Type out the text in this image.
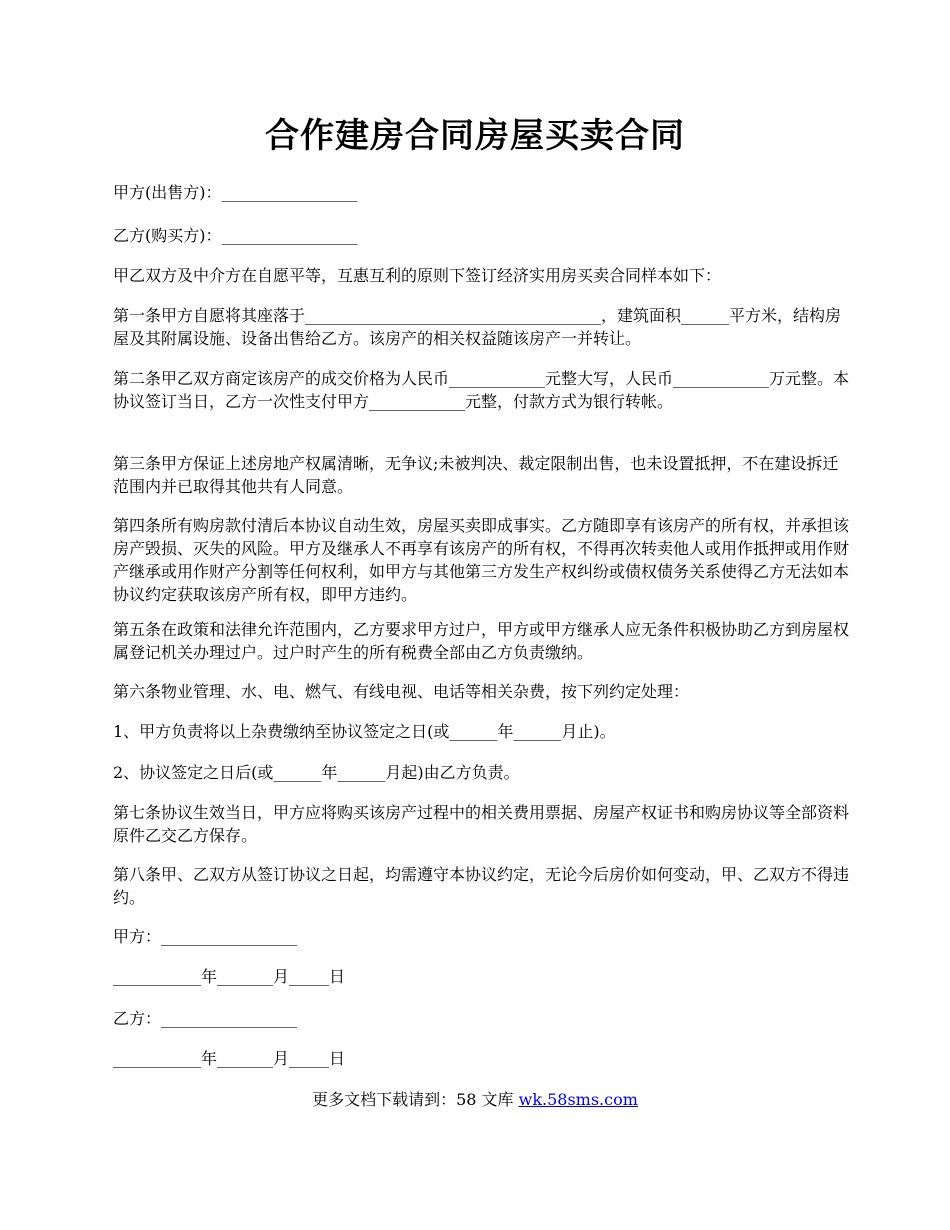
合作建房合同房屋买卖合同

甲方(出售方)：_________________

乙方(购买方)：_________________

甲乙双方及中介方在自愿平等，互惠互利的原则下签订经济实用房买卖合同样本如下：

第一条甲方自愿将其座落于_____________________________________，建筑面积______平方米，结构房屋及其附属设施、设备出售给乙方。该房产的相关权益随该房产一并转让。

第二条甲乙双方商定该房产的成交价格为人民币____________元整大写，人民币____________万元整。本协议签订当日，乙方一次性支付甲方____________元整，付款方式为银行转帐。

第三条甲方保证上述房地产权属清晰，无争议;未被判决、裁定限制出售，也未设置抵押，不在建设拆迁范围内并已取得其他共有人同意。

第四条所有购房款付清后本协议自动生效，房屋买卖即成事实。乙方随即享有该房产的所有权，并承担该房产毁损、灭失的风险。甲方及继承人不再享有该房产的所有权，不得再次转卖他人或用作抵押或用作财产继承或用作财产分割等任何权利，如甲方与其他第三方发生产权纠纷或债权债务关系使得乙方无法如本协议约定获取该房产所有权，即甲方违约。

第五条在政策和法律允许范围内，乙方要求甲方过户，甲方或甲方继承人应无条件积极协助乙方到房屋权属登记机关办理过户。过户时产生的所有税费全部由乙方负责缴纳。

第六条物业管理、水、电、燃气、有线电视、电话等相关杂费，按下列约定处理：

1、甲方负责将以上杂费缴纳至协议签定之日(或______年______月止)。

2、协议签定之日后(或______年______月起)由乙方负责。

第七条协议生效当日，甲方应将购买该房产过程中的相关费用票据、房屋产权证书和购房协议等全部资料原件乙交乙方保存。

第八条甲、乙双方从签订协议之日起，均需遵守本协议约定，无论今后房价如何变动，甲、乙双方不得违约。

甲方：_________________

___________年_______月_____日

乙方：_________________

___________年_______月_____日

更多文档下载请到：58 文库 wk.58sms.com
